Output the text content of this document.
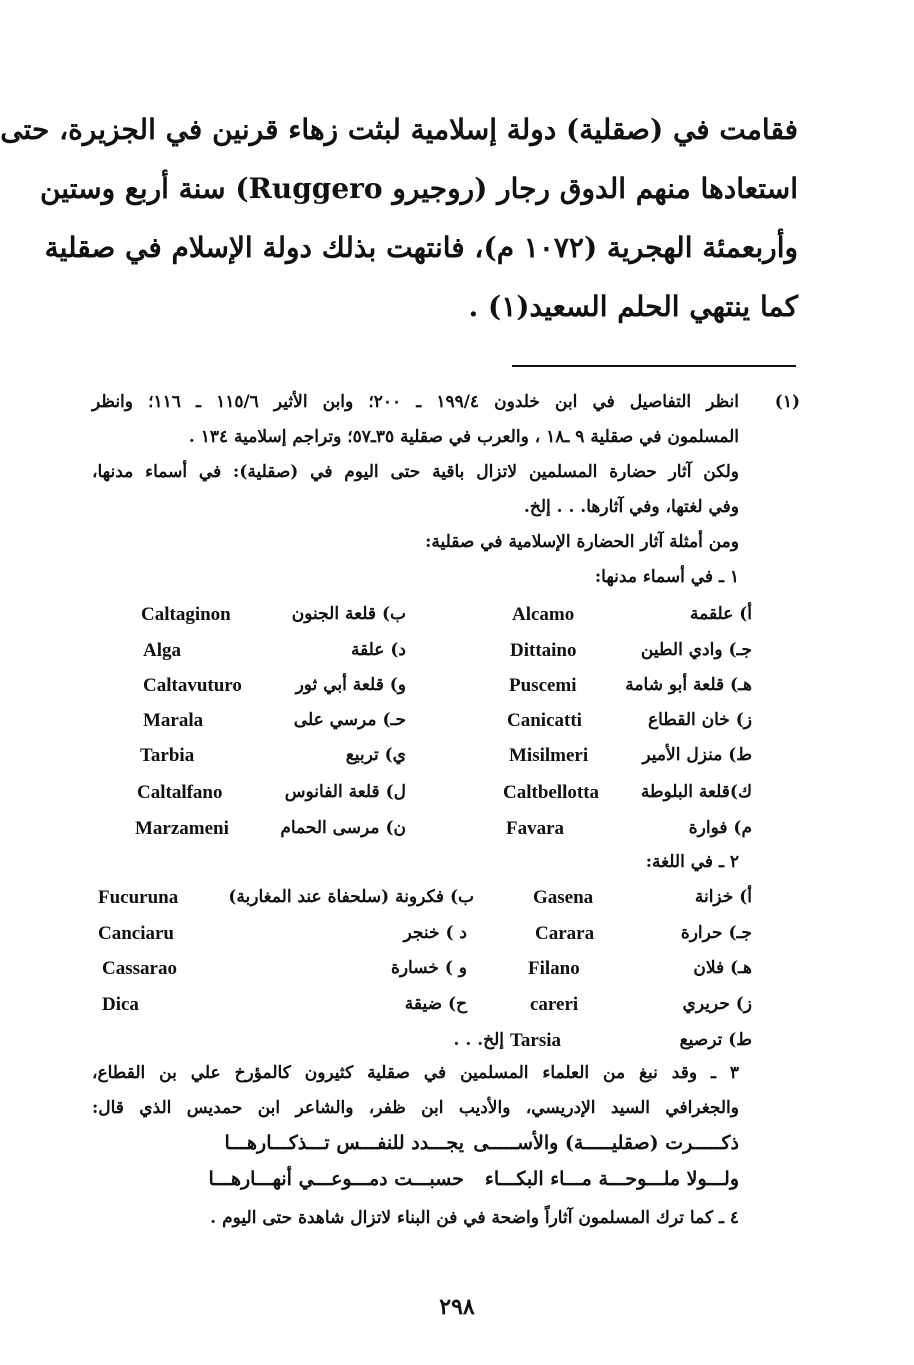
فقامت في (صقلية) دولة إسلامية لبثت زهاء قرنين في الجزيرة، حتى
استعادها منهم الدوق رجار (روجيرو Ruggero) سنة أربع وستين
وأربعمئة الهجرية (١٠٧٢ م)، فانتهت بذلك دولة الإسلام في صقلية
كما ينتهي الحلم السعيد(١) .
(١)
انظر التفاصيل في ابن خلدون ١٩٩/٤ ـ ٢٠٠؛ وابن الأثير ١١٥/٦ ـ ١١٦؛ وانظر
المسلمون في صقلية ٩ ـ١٨ ، والعرب في صقلية ٣٥ـ٥٧؛ وتراجم إسلامية ١٣٤ .
ولكن آثار حضارة المسلمين لاتزال باقية حتى اليوم في (صقلية): في أسماء مدنها،
وفي لغتها، وفي آثارها. . . إلخ.
ومن أمثلة آثار الحضارة الإسلامية في صقلية:
١ ـ في أسماء مدنها:
أ) علقمة
Alcamo
ب) قلعة الجنون
Caltaginon
جـ) وادي الطين
Dittaino
د) علقة
Alga
هـ) قلعة أبو شامة
Puscemi
و) قلعة أبي ثور
Caltavuturo
ز) خان القطاع
Canicatti
حـ) مرسي على
Marala
ط) منزل الأمير
Misilmeri
ي) تربيع
Tarbia
ك)قلعة البلوطة
Caltbellotta
ل) قلعة الفانوس
Caltalfano
م) فوارة
Favara
ن) مرسى الحمام
Marzameni
٢ ـ في اللغة:
أ) خزانة
Gasena
ب) فكرونة (سلحفاة عند المغاربة)
Fucuruna
جـ) حرارة
Carara
د ) خنجر
Canciaru
هـ) فلان
Filano
و ) خسارة
Cassarao
ز) حريري
careri
ح) ضيقة
Dica
ط) ترصيع
Tarsia
إلخ. . .
٣ ـ وقد نبغ من العلماء المسلمين في صقلية كثيرون كالمؤرخ علي بن القطاع،
والجغرافي السيد الإدريسي، والأديب ابن ظفر، والشاعر ابن حمديس الذي قال:
ذكـــــرت (صقليـــــة) والأســـــى
يجـــدد للنفـــس تـــذكـــارهـــا
ولـــولا ملـــوحـــة مـــاء البكـــاء
حسبـــت دمـــوعـــي أنهـــارهـــا
٤ ـ كما ترك المسلمون آثاراً واضحة في فن البناء لاتزال شاهدة حتى اليوم .
٢٩٨
